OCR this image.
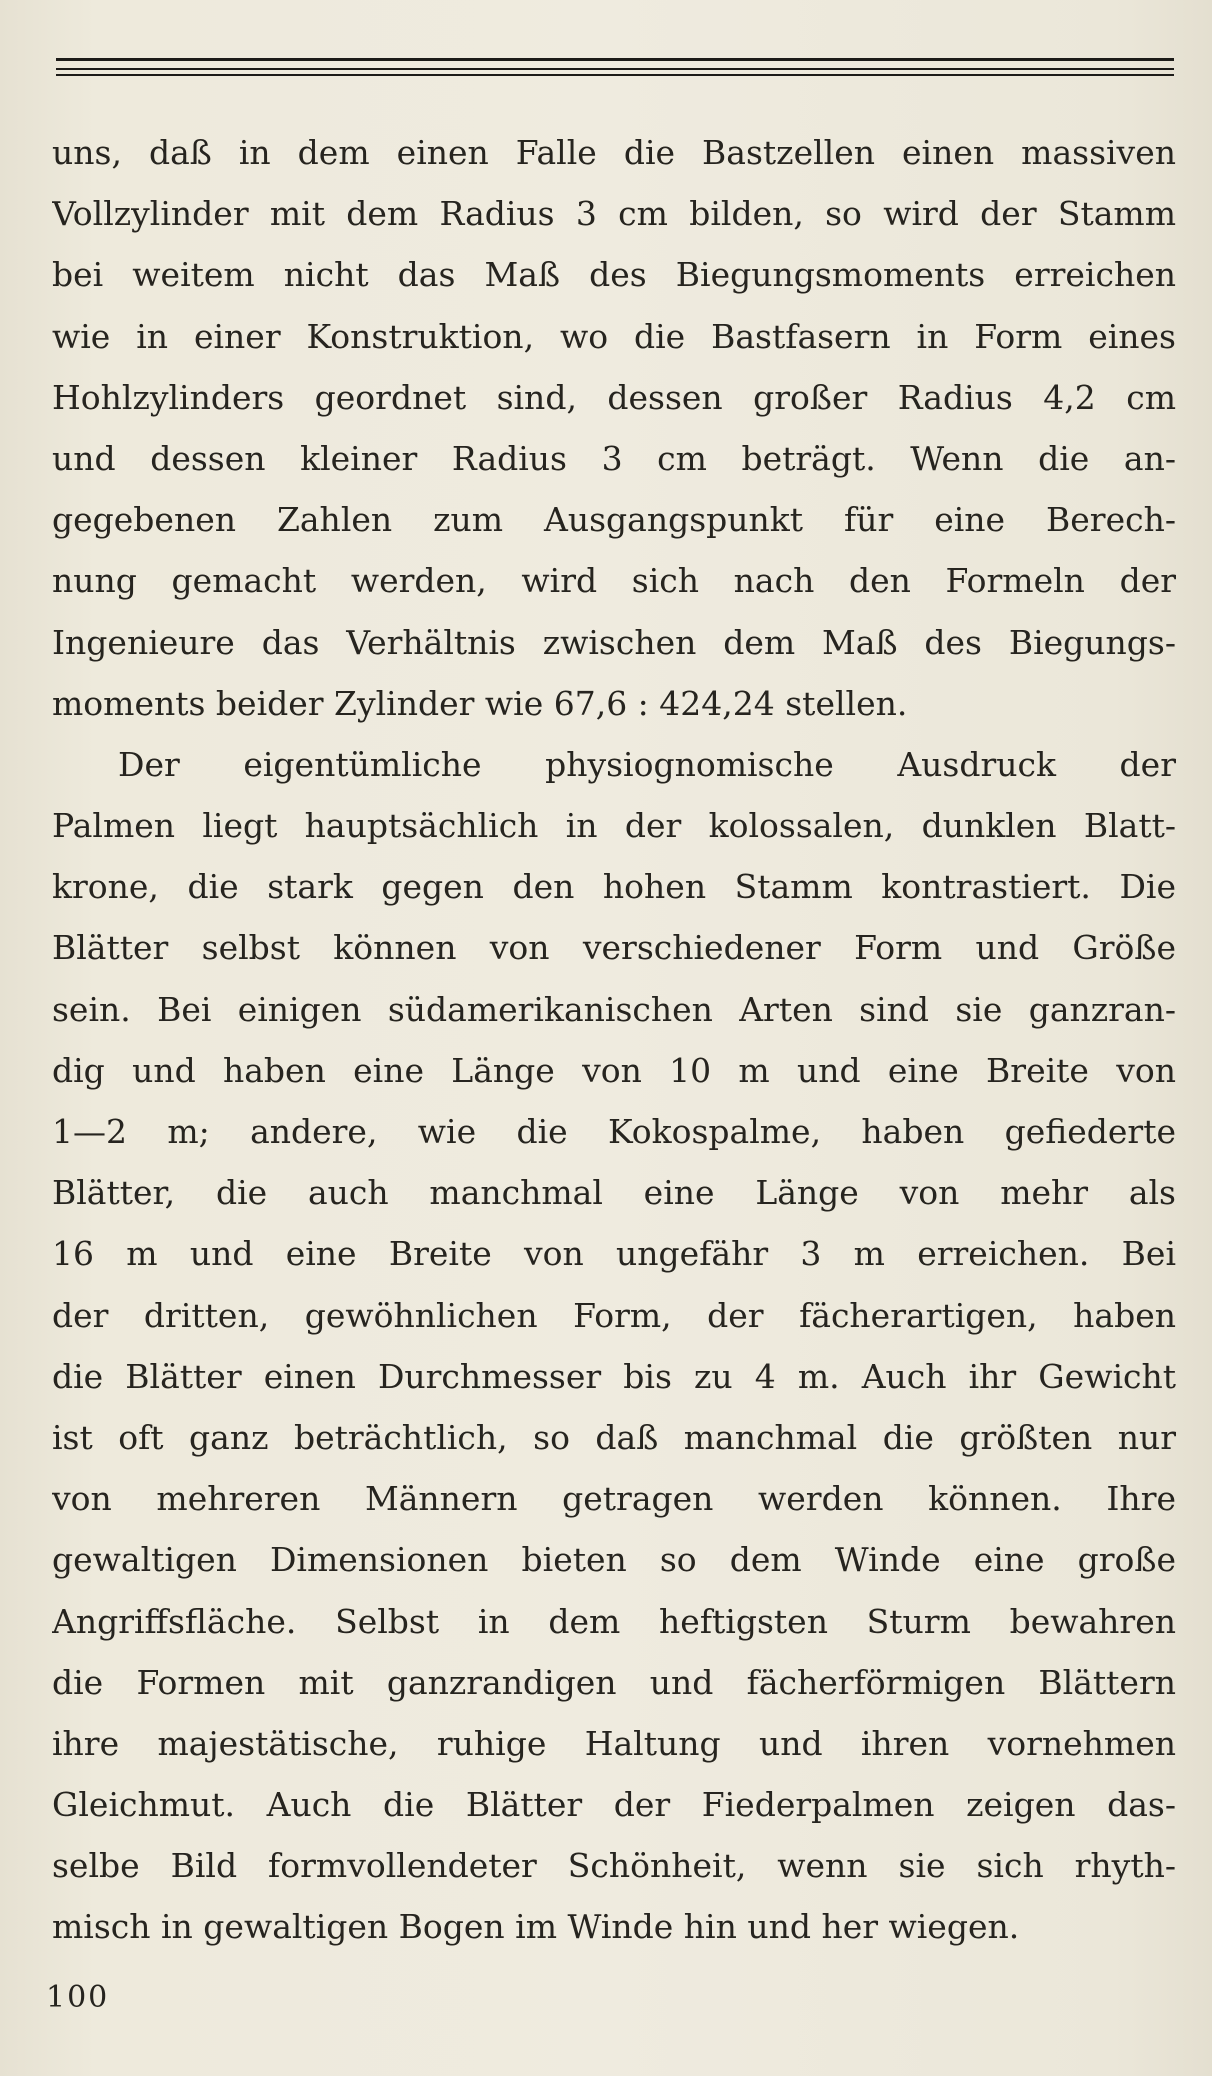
uns, daß in dem einen Falle die Bastzellen einen massiven
Vollzylinder mit dem Radius 3 cm bilden, so wird der Stamm
bei weitem nicht das Maß des Biegungsmoments erreichen
wie in einer Konstruktion, wo die Bastfasern in Form eines
Hohlzylinders geordnet sind, dessen großer Radius 4,2 cm
und dessen kleiner Radius 3 cm beträgt. Wenn die an-
gegebenen Zahlen zum Ausgangspunkt für eine Berech-
nung gemacht werden, wird sich nach den Formeln der
Ingenieure das Verhältnis zwischen dem Maß des Biegungs-
moments beider Zylinder wie 67,6 : 424,24 stellen.
Der eigentümliche physiognomische Ausdruck der
Palmen liegt hauptsächlich in der kolossalen, dunklen Blatt-
krone, die stark gegen den hohen Stamm kontrastiert. Die
Blätter selbst können von verschiedener Form und Größe
sein. Bei einigen südamerikanischen Arten sind sie ganzran-
dig und haben eine Länge von 10 m und eine Breite von
1—2 m; andere, wie die Kokospalme, haben gefiederte
Blätter, die auch manchmal eine Länge von mehr als
16 m und eine Breite von ungefähr 3 m erreichen. Bei
der dritten, gewöhnlichen Form, der fächerartigen, haben
die Blätter einen Durchmesser bis zu 4 m. Auch ihr Gewicht
ist oft ganz beträchtlich, so daß manchmal die größten nur
von mehreren Männern getragen werden können. Ihre
gewaltigen Dimensionen bieten so dem Winde eine große
Angriffsfläche. Selbst in dem heftigsten Sturm bewahren
die Formen mit ganzrandigen und fächerförmigen Blättern
ihre majestätische, ruhige Haltung und ihren vornehmen
Gleichmut. Auch die Blätter der Fiederpalmen zeigen das-
selbe Bild formvollendeter Schönheit, wenn sie sich rhyth-
misch in gewaltigen Bogen im Winde hin und her wiegen.
100
